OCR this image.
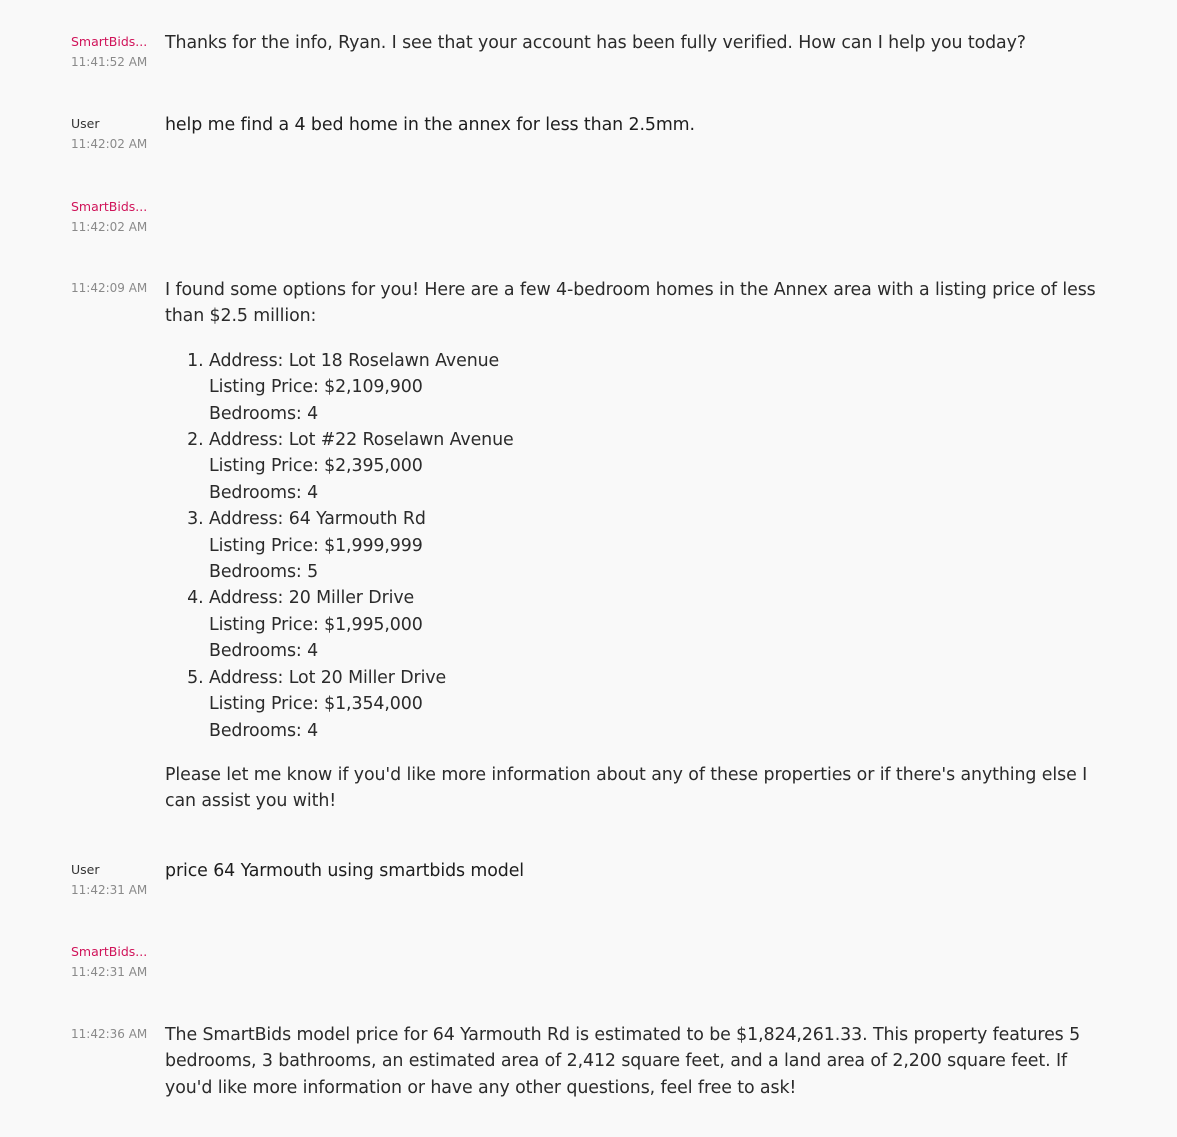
SmartBids...
11:41:52 AM
Thanks for the info, Ryan. I see that your account has been fully verified. How can I help you today?
User
11:42:02 AM
help me find a 4 bed home in the annex for less than 2.5mm.
SmartBids...
11:42:02 AM
11:42:09 AM	I found some options for you! Here are a few 4-bedroom homes in the Annex area with a listing price of less than $2.5 million:

1. Address: Lot 18 Roselawn Avenue
Listing Price: $2,109,900
Bedrooms: 4
2. Address: Lot #22 Roselawn Avenue
Listing Price: $2,395,000
Bedrooms: 4
3. Address: 64 Yarmouth Rd
Listing Price: $1,999,999
Bedrooms: 5
4. Address: 20 Miller Drive
Listing Price: $1,995,000
Bedrooms: 4
5. Address: Lot 20 Miller Drive
Listing Price: $1,354,000
Bedrooms: 4

Please let me know if you'd like more information about any of these properties or if there's anything else I can assist you with!

User
11:42:31 AM
price 64 Yarmouth using smartbids model
SmartBids...
11:42:31 AM
11:42:36 AM	The SmartBids model price for 64 Yarmouth Rd is estimated to be $1,824,261.33. This property features 5 bedrooms, 3 bathrooms, an estimated area of 2,412 square feet, and a land area of 2,200 square feet. If you'd like more information or have any other questions, feel free to ask!
